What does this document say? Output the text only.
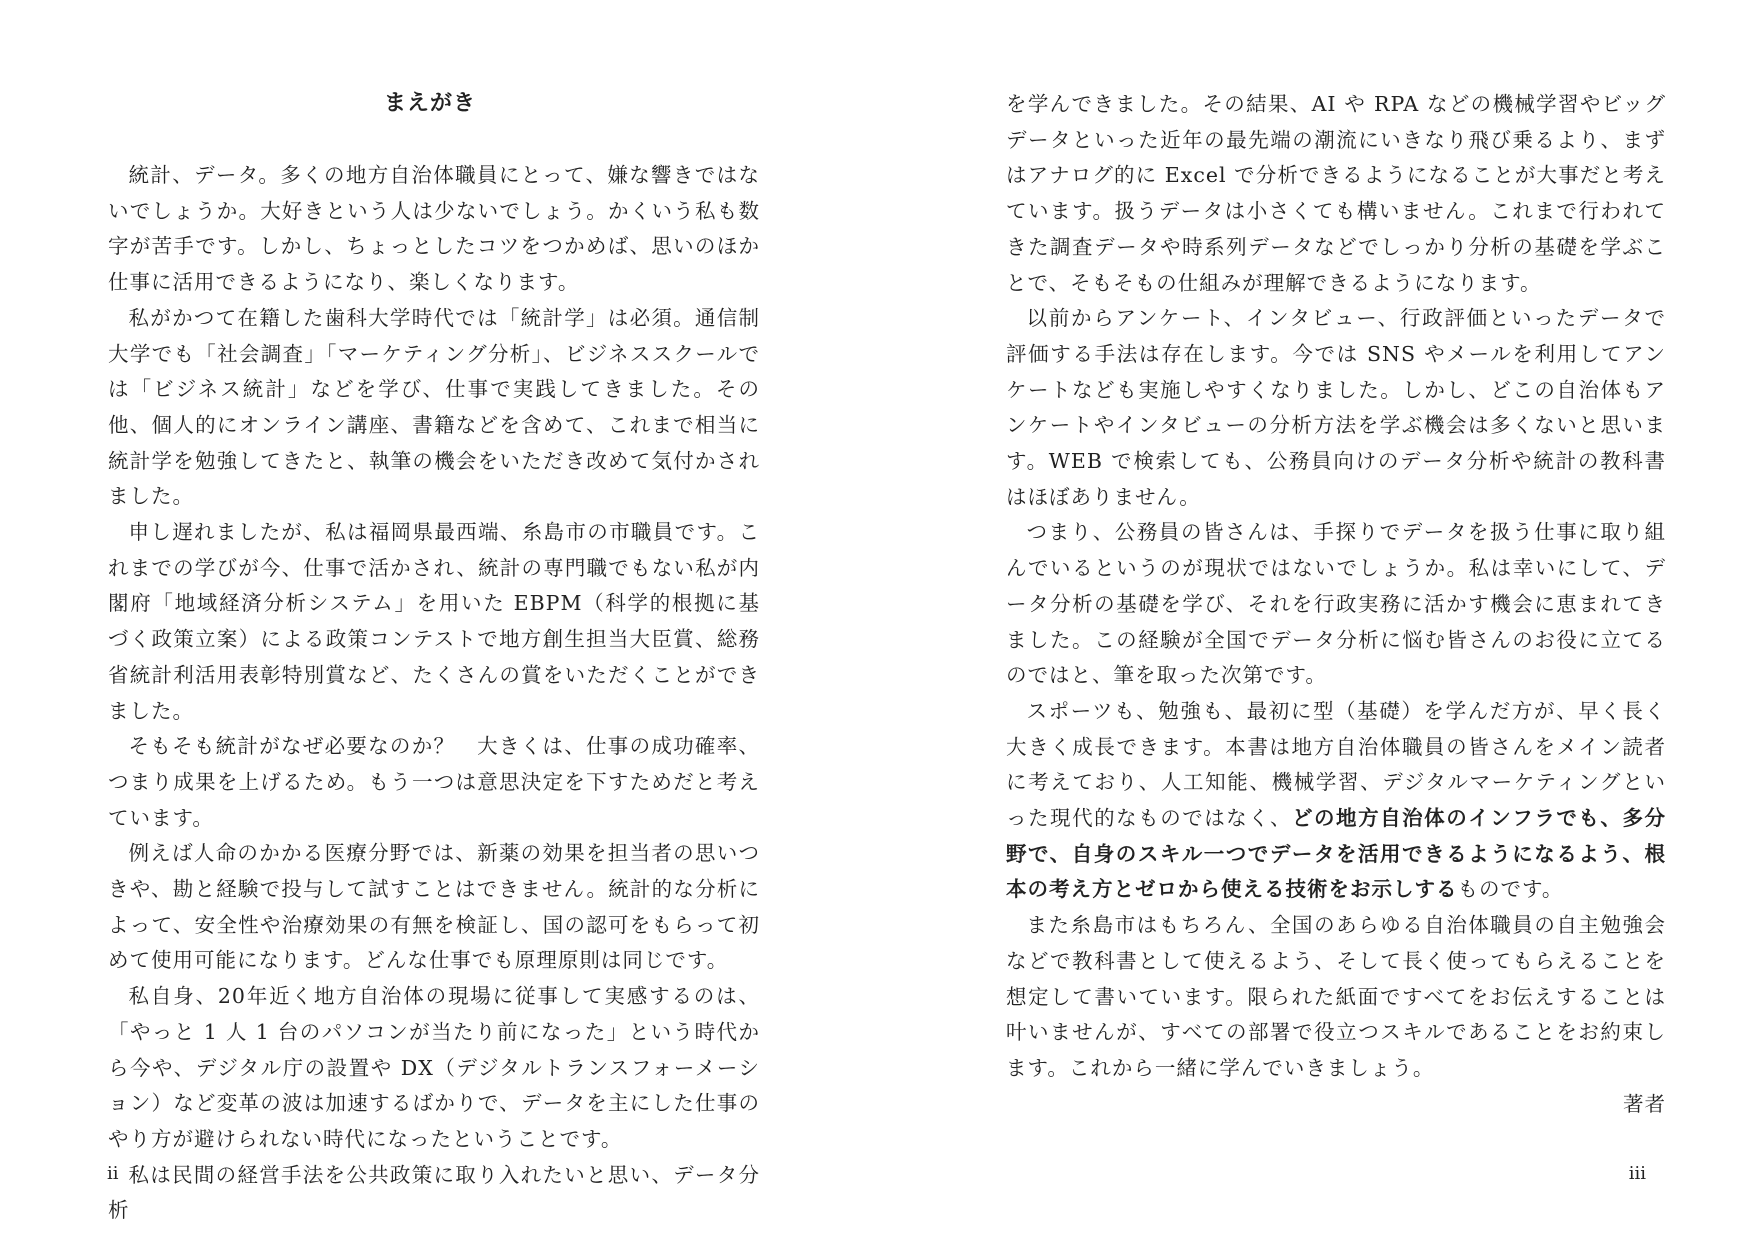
まえがき

統計、データ。多くの地方自治体職員にとって、嫌な響きではないでしょうか。大好きという人は少ないでしょう。かくいう私も数字が苦手です。しかし、ちょっとしたコツをつかめば、思いのほか仕事に活用できるようになり、楽しくなります。

私がかつて在籍した歯科大学時代では「統計学」は必須。通信制大学でも「社会調査」「マーケティング分析」、ビジネススクールでは「ビジネス統計」などを学び、仕事で実践してきました。その他、個人的にオンライン講座、書籍などを含めて、これまで相当に統計学を勉強してきたと、執筆の機会をいただき改めて気付かされました。

申し遅れましたが、私は福岡県最西端、糸島市の市職員です。これまでの学びが今、仕事で活かされ、統計の専門職でもない私が内閣府「地域経済分析システム」を用いた EBPM（科学的根拠に基づく政策立案）による政策コンテストで地方創生担当大臣賞、総務省統計利活用表彰特別賞など、たくさんの賞をいただくことができました。

そもそも統計がなぜ必要なのか？　大きくは、仕事の成功確率、つまり成果を上げるため。もう一つは意思決定を下すためだと考えています。

例えば人命のかかる医療分野では、新薬の効果を担当者の思いつきや、勘と経験で投与して試すことはできません。統計的な分析によって、安全性や治療効果の有無を検証し、国の認可をもらって初めて使用可能になります。どんな仕事でも原理原則は同じです。

私自身、20年近く地方自治体の現場に従事して実感するのは、「やっと 1 人 1 台のパソコンが当たり前になった」という時代から今や、デジタル庁の設置や DX（デジタルトランスフォーメーション）など変革の波は加速するばかりで、データを主にした仕事のやり方が避けられない時代になったということです。

私は民間の経営手法を公共政策に取り入れたいと思い、データ分析

ii

を学んできました。その結果、AI や RPA などの機械学習やビッグデータといった近年の最先端の潮流にいきなり飛び乗るより、まずはアナログ的に Excel で分析できるようになることが大事だと考えています。扱うデータは小さくても構いません。これまで行われてきた調査データや時系列データなどでしっかり分析の基礎を学ぶことで、そもそもの仕組みが理解できるようになります。

以前からアンケート、インタビュー、行政評価といったデータで評価する手法は存在します。今では SNS やメールを利用してアンケートなども実施しやすくなりました。しかし、どこの自治体もアンケートやインタビューの分析方法を学ぶ機会は多くないと思います。WEB で検索しても、公務員向けのデータ分析や統計の教科書はほぼありません。

つまり、公務員の皆さんは、手探りでデータを扱う仕事に取り組んでいるというのが現状ではないでしょうか。私は幸いにして、データ分析の基礎を学び、それを行政実務に活かす機会に恵まれてきました。この経験が全国でデータ分析に悩む皆さんのお役に立てるのではと、筆を取った次第です。

スポーツも、勉強も、最初に型（基礎）を学んだ方が、早く長く大きく成長できます。本書は地方自治体職員の皆さんをメイン読者に考えており、人工知能、機械学習、デジタルマーケティングといった現代的なものではなく、どの地方自治体のインフラでも、多分野で、自身のスキル一つでデータを活用できるようになるよう、根本の考え方とゼロから使える技術をお示しするものです。

また糸島市はもちろん、全国のあらゆる自治体職員の自主勉強会などで教科書として使えるよう、そして長く使ってもらえることを想定して書いています。限られた紙面ですべてをお伝えすることは叶いませんが、すべての部署で役立つスキルであることをお約束します。これから一緒に学んでいきましょう。

著者

iii
